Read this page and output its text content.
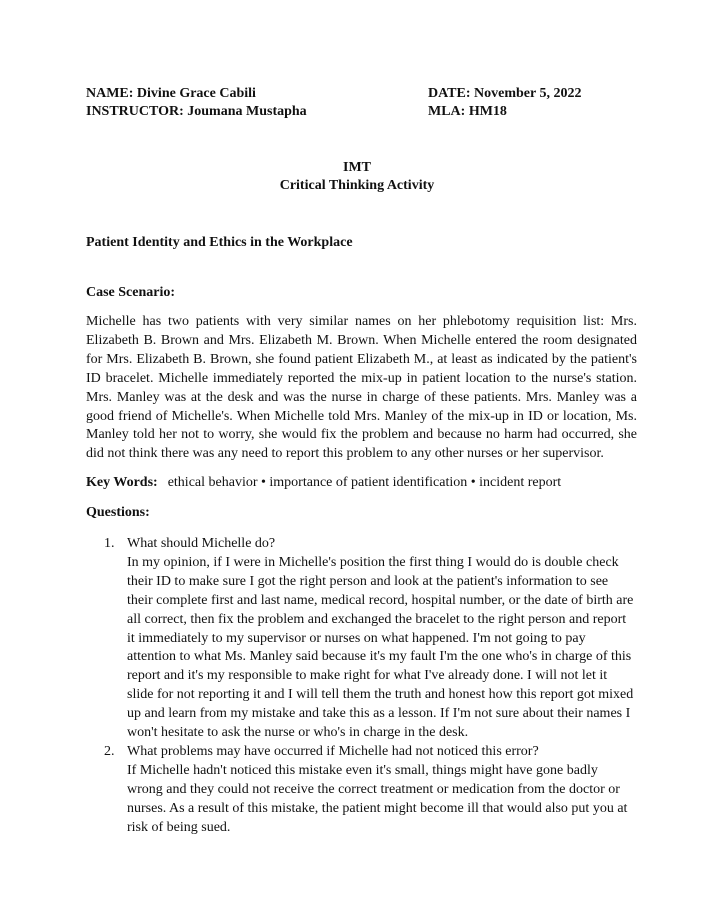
NAME: Divine Grace Cabili
INSTRUCTOR: Joumana Mustapha
DATE: November 5, 2022
MLA: HM18
IMT
Critical Thinking Activity
Patient Identity and Ethics in the Workplace
Case Scenario:
Michelle has two patients with very similar names on her phlebotomy requisition list: Mrs. Elizabeth B. Brown and Mrs. Elizabeth M. Brown. When Michelle entered the room designated for Mrs. Elizabeth B. Brown, she found patient Elizabeth M., at least as indicated by the patient's ID bracelet. Michelle immediately reported the mix-up in patient location to the nurse's station. Mrs. Manley was at the desk and was the nurse in charge of these patients. Mrs. Manley was a good friend of Michelle's. When Michelle told Mrs. Manley of the mix-up in ID or location, Ms. Manley told her not to worry, she would fix the problem and because no harm had occurred, she did not think there was any need to report this problem to any other nurses or her supervisor.
Key Words: ethical behavior • importance of patient identification • incident report
Questions:
1. What should Michelle do?
In my opinion, if I were in Michelle's position the first thing I would do is double check their ID to make sure I got the right person and look at the patient's information to see their complete first and last name, medical record, hospital number, or the date of birth are all correct, then fix the problem and exchanged the bracelet to the right person and report it immediately to my supervisor or nurses on what happened. I'm not going to pay attention to what Ms. Manley said because it's my fault I'm the one who's in charge of this report and it's my responsible to make right for what I've already done. I will not let it slide for not reporting it and I will tell them the truth and honest how this report got mixed up and learn from my mistake and take this as a lesson. If I'm not sure about their names I won't hesitate to ask the nurse or who's in charge in the desk.
2. What problems may have occurred if Michelle had not noticed this error?
If Michelle hadn't noticed this mistake even it's small, things might have gone badly wrong and they could not receive the correct treatment or medication from the doctor or nurses. As a result of this mistake, the patient might become ill that would also put you at risk of being sued.
